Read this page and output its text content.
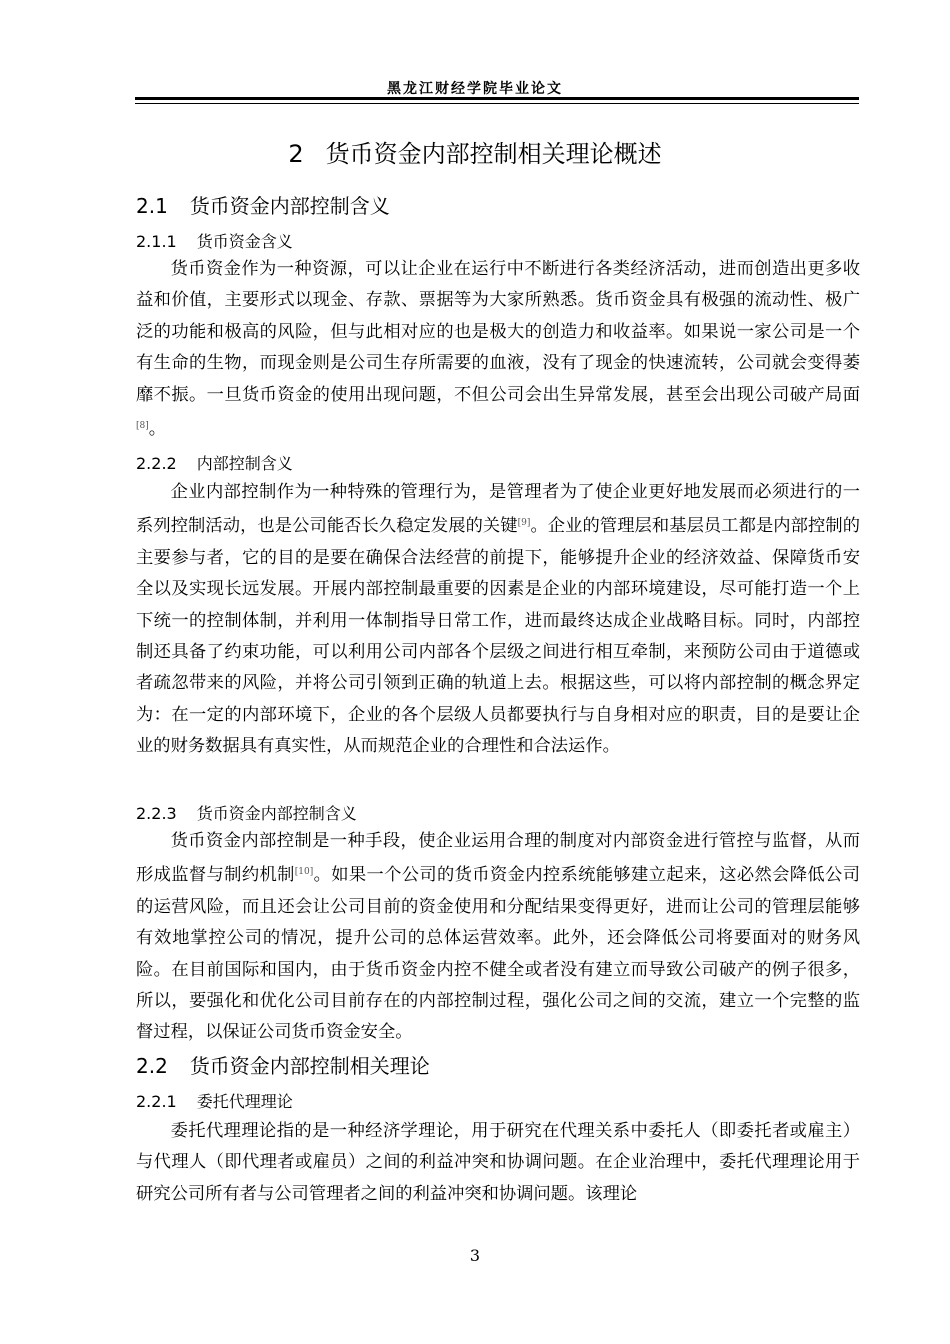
黑龙江财经学院毕业论文
2 货币资金内部控制相关理论概述
2.1 货币资金内部控制含义
2.1.1 货币资金含义

货币资金作为一种资源，可以让企业在运行中不断进行各类经济活动，进而创造出更多收益和价值，主要形式以现金、存款、票据等为大家所熟悉。货币资金具有极强的流动性、极广泛的功能和极高的风险，但与此相对应的也是极大的创造力和收益率。如果说一家公司是一个有生命的生物，而现金则是公司生存所需要的血液，没有了现金的快速流转，公司就会变得萎靡不振。一旦货币资金的使用出现问题，不但公司会出生异常发展，甚至会出现公司破产局面[8]。

2.2.2 内部控制含义

企业内部控制作为一种特殊的管理行为，是管理者为了使企业更好地发展而必须进行的一系列控制活动，也是公司能否长久稳定发展的关键[9]。企业的管理层和基层员工都是内部控制的主要参与者，它的目的是要在确保合法经营的前提下，能够提升企业的经济效益、保障货币安全以及实现长远发展。开展内部控制最重要的因素是企业的内部环境建设，尽可能打造一个上下统一的控制体制，并利用一体制指导日常工作，进而最终达成企业战略目标。同时，内部控制还具备了约束功能，可以利用公司内部各个层级之间进行相互牵制，来预防公司由于道德或者疏忽带来的风险，并将公司引领到正确的轨道上去。根据这些，可以将内部控制的概念界定为：在一定的内部环境下，企业的各个层级人员都要执行与自身相对应的职责，目的是要让企业的财务数据具有真实性，从而规范企业的合理性和合法运作。

2.2.3 货币资金内部控制含义

货币资金内部控制是一种手段，使企业运用合理的制度对内部资金进行管控与监督，从而形成监督与制约机制[10]。如果一个公司的货币资金内控系统能够建立起来，这必然会降低公司的运营风险，而且还会让公司目前的资金使用和分配结果变得更好，进而让公司的管理层能够有效地掌控公司的情况，提升公司的总体运营效率。此外，还会降低公司将要面对的财务风险。在目前国际和国内，由于货币资金内控不健全或者没有建立而导致公司破产的例子很多，所以，要强化和优化公司目前存在的内部控制过程，强化公司之间的交流，建立一个完整的监督过程，以保证公司货币资金安全。

2.2 货币资金内部控制相关理论
2.2.1 委托代理理论

委托代理理论指的是一种经济学理论，用于研究在代理关系中委托人（即委托者或雇主）与代理人（即代理者或雇员）之间的利益冲突和协调问题。在企业治理中，委托代理理论用于研究公司所有者与公司管理者之间的利益冲突和协调问题。该理论

3
